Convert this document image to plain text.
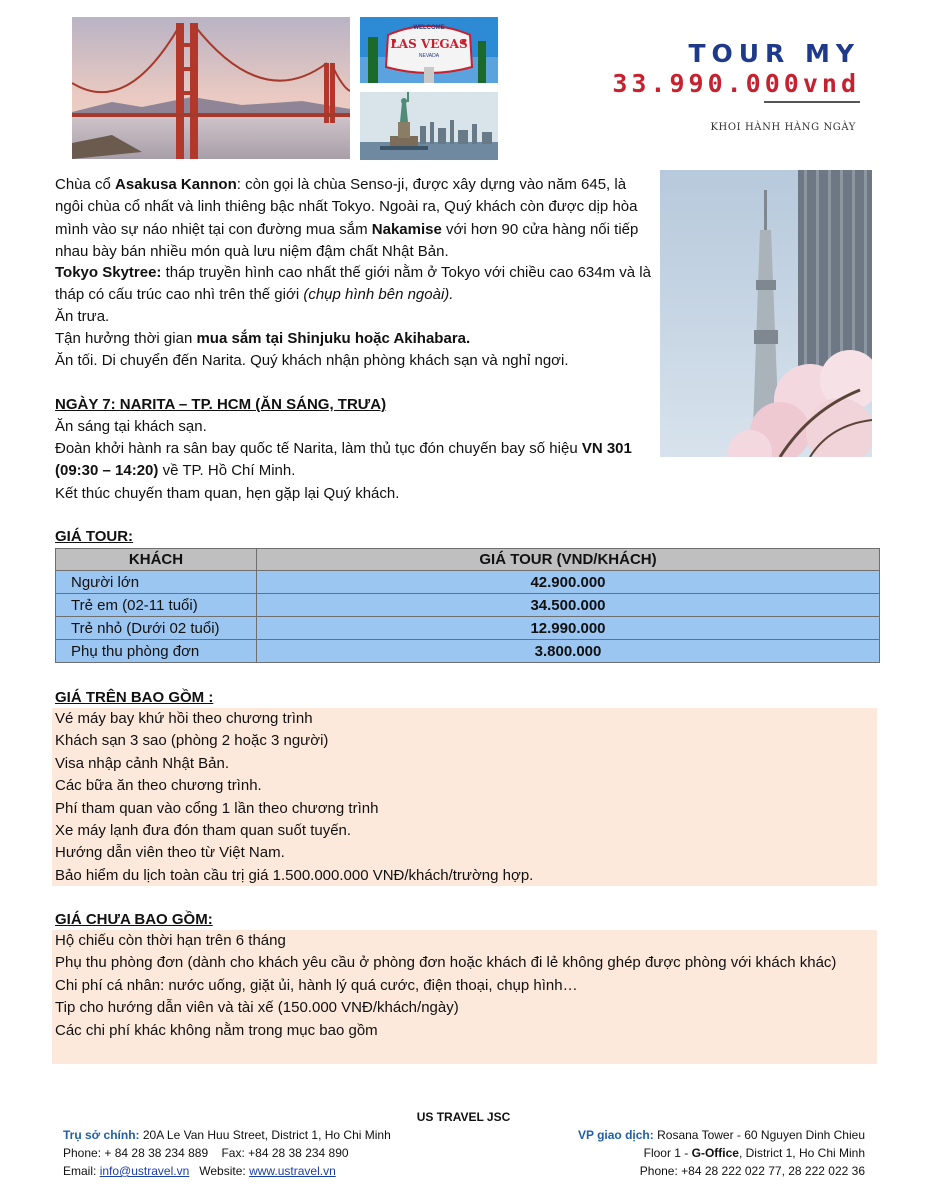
WELCOME
LAS VEGAS
NEVADA	TOUR MY
33.990.000vnd
KHOI HÀNH HÀNG NGÀY
Chùa cổ Asakusa Kannon: còn gọi là chùa Senso-ji, được xây dựng vào năm 645, là ngôi chùa cổ nhất và linh thiêng bậc nhất Tokyo. Ngoài ra, Quý khách còn được dịp hòa mình vào sự náo nhiệt tại con đường mua sắm Nakamise với hơn 90 cửa hàng nối tiếp nhau bày bán nhiều món quà lưu niệm đậm chất Nhật Bản.
Tokyo Skytree: tháp truyền hình cao nhất thế giới nằm ở Tokyo với chiều cao 634m và là tháp có cấu trúc cao nhì trên thế giới (chụp hình bên ngoài).
Ăn trưa.
Tận hưởng thời gian mua sắm tại Shinjuku hoặc Akihabara.
Ăn tối. Di chuyển đến Narita. Quý khách nhận phòng khách sạn và nghỉ ngơi.
NGÀY 7: NARITA – TP. HCM (ĂN SÁNG, TRƯA)
Ăn sáng tại khách sạn.
Đoàn khởi hành ra sân bay quốc tế Narita, làm thủ tục đón chuyến bay số hiệu VN 301 (09:30 – 14:20) về TP. Hồ Chí Minh.
Kết thúc chuyến tham quan, hẹn gặp lại Quý khách.
GIÁ TOUR:
KHÁCH	GIÁ TOUR (VND/KHÁCH)
Người lớn	42.900.000
Trẻ em (02-11 tuổi)	34.500.000
Trẻ nhỏ (Dưới 02 tuổi)	12.990.000
Phụ thu phòng đơn	3.800.000
GIÁ TRÊN BAO GỒM :
Vé máy bay khứ hồi theo chương trình
Khách sạn 3 sao (phòng 2 hoặc 3 người)
Visa nhập cảnh Nhật Bản.
Các bữa ăn theo chương trình.
Phí tham quan vào cổng 1 lần theo chương trình
Xe máy lạnh đưa đón tham quan suốt tuyến.
Hướng dẫn viên theo từ Việt Nam.
Bảo hiểm du lịch toàn cầu trị giá 1.500.000.000 VNĐ/khách/trường hợp.
GIÁ CHƯA BAO GỒM:
Hộ chiếu còn thời hạn trên 6 tháng
Phụ thu phòng đơn (dành cho khách yêu cầu ở phòng đơn hoặc khách đi lẻ không ghép được phòng với khách khác)
Chi phí cá nhân: nước uống, giặt ủi, hành lý quá cước, điện thoại, chụp hình…
Tip cho hướng dẫn viên và tài xế (150.000 VNĐ/khách/ngày)
Các chi phí khác không nằm trong mục bao gồm
US TRAVEL JSC
Trụ sở chính: 20A Le Van Huu Street, District 1, Ho Chi Minh
Phone: + 84 28 38 234 889    Fax: +84 28 38 234 890
Email: info@ustravel.vn   Website: www.ustravel.vn
VP giao dịch: Rosana Tower - 60 Nguyen Dinh Chieu
Floor 1 - G-Office, District 1, Ho Chi Minh
Phone: +84 28 222 022 77, 28 222 022 36
